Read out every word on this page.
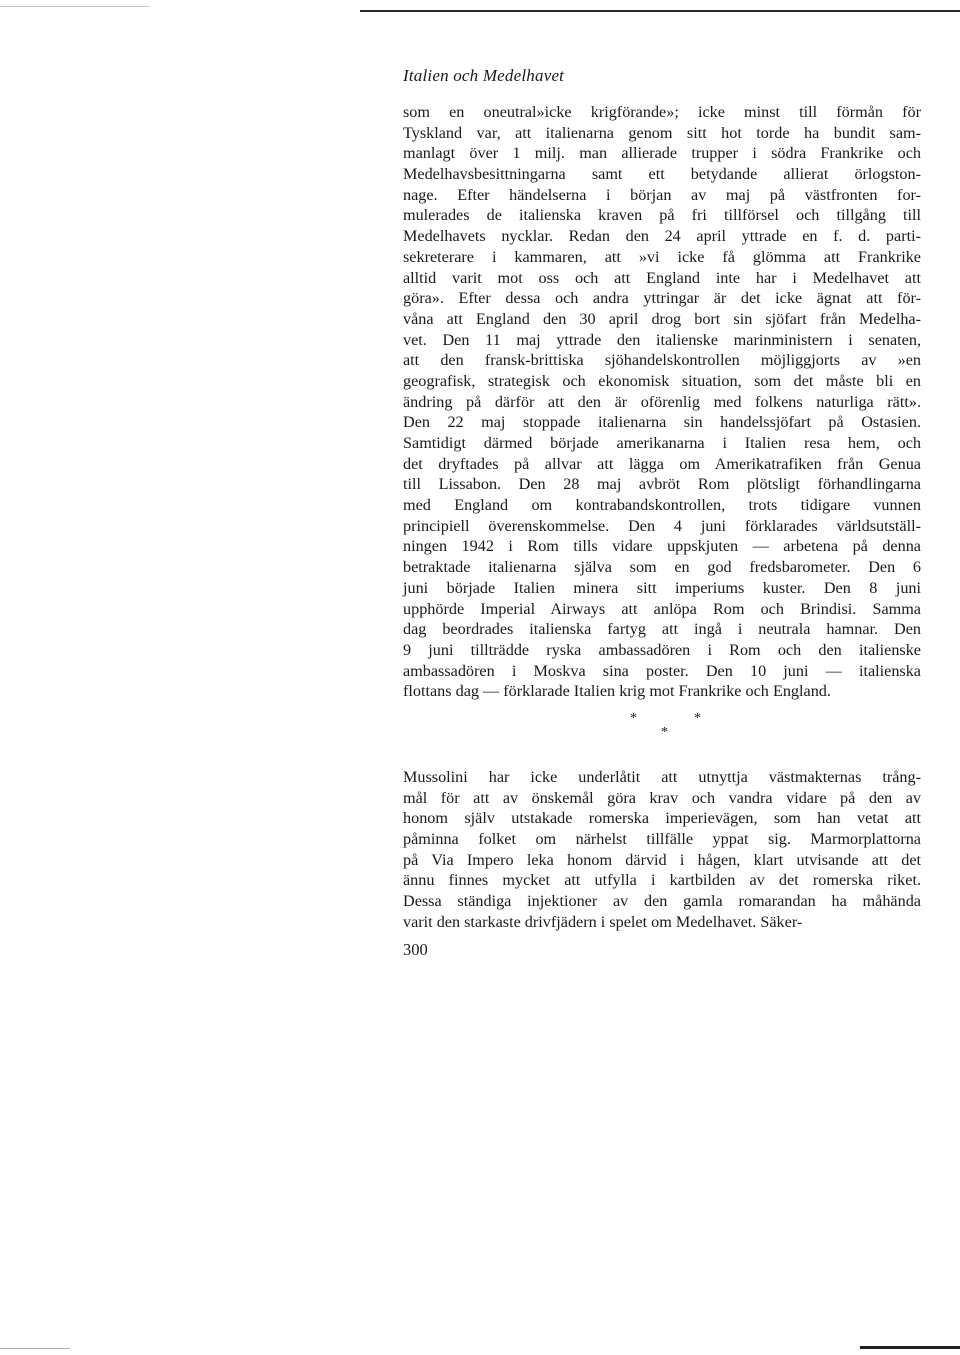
Italien och Medelhavet
som en oneutral»icke krigförande»; icke minst till förmån för
Tyskland var, att italienarna genom sitt hot torde ha bundit sam-
manlagt över 1 milj. man allierade trupper i södra Frankrike och
Medelhavsbesittningarna samt ett betydande allierat örlogston-
nage. Efter händelserna i början av maj på västfronten for-
mulerades de italienska kraven på fri tillförsel och tillgång till
Medelhavets nycklar. Redan den 24 april yttrade en f. d. parti-
sekreterare i kammaren, att »vi icke få glömma att Frankrike
alltid varit mot oss och att England inte har i Medelhavet att
göra». Efter dessa och andra yttringar är det icke ägnat att för-
våna att England den 30 april drog bort sin sjöfart från Medelha-
vet. Den 11 maj yttrade den italienske marinministern i senaten,
att den fransk-brittiska sjöhandelskontrollen möjliggjorts av »en
geografisk, strategisk och ekonomisk situation, som det måste bli en
ändring på därför att den är oförenlig med folkens naturliga rätt».
Den 22 maj stoppade italienarna sin handelssjöfart på Ostasien.
Samtidigt därmed började amerikanarna i Italien resa hem, och
det dryftades på allvar att lägga om Amerikatrafiken från Genua
till Lissabon. Den 28 maj avbröt Rom plötsligt förhandlingarna
med England om kontrabandskontrollen, trots tidigare vunnen
principiell överenskommelse. Den 4 juni förklarades världsutställ-
ningen 1942 i Rom tills vidare uppskjuten — arbetena på denna
betraktade italienarna själva som en god fredsbarometer. Den 6
juni började Italien minera sitt imperiums kuster. Den 8 juni
upphörde Imperial Airways att anlöpa Rom och Brindisi. Samma
dag beordrades italienska fartyg att ingå i neutrala hamnar. Den
9 juni tillträdde ryska ambassadören i Rom och den italienske
ambassadören i Moskva sina poster. Den 10 juni — italienska
flottans dag — förklarade Italien krig mot Frankrike och England.
*	*
*
Mussolini har icke underlåtit att utnyttja västmakternas trång-
mål för att av önskemål göra krav och vandra vidare på den av
honom själv utstakade romerska imperievägen, som han vetat att
påminna folket om närhelst tillfälle yppat sig. Marmorplattorna
på Via Impero leka honom därvid i hågen, klart utvisande att det
ännu finnes mycket att utfylla i kartbilden av det romerska riket.
Dessa ständiga injektioner av den gamla romarandan ha måhända
varit den starkaste drivfjädern i spelet om Medelhavet. Säker-
300
